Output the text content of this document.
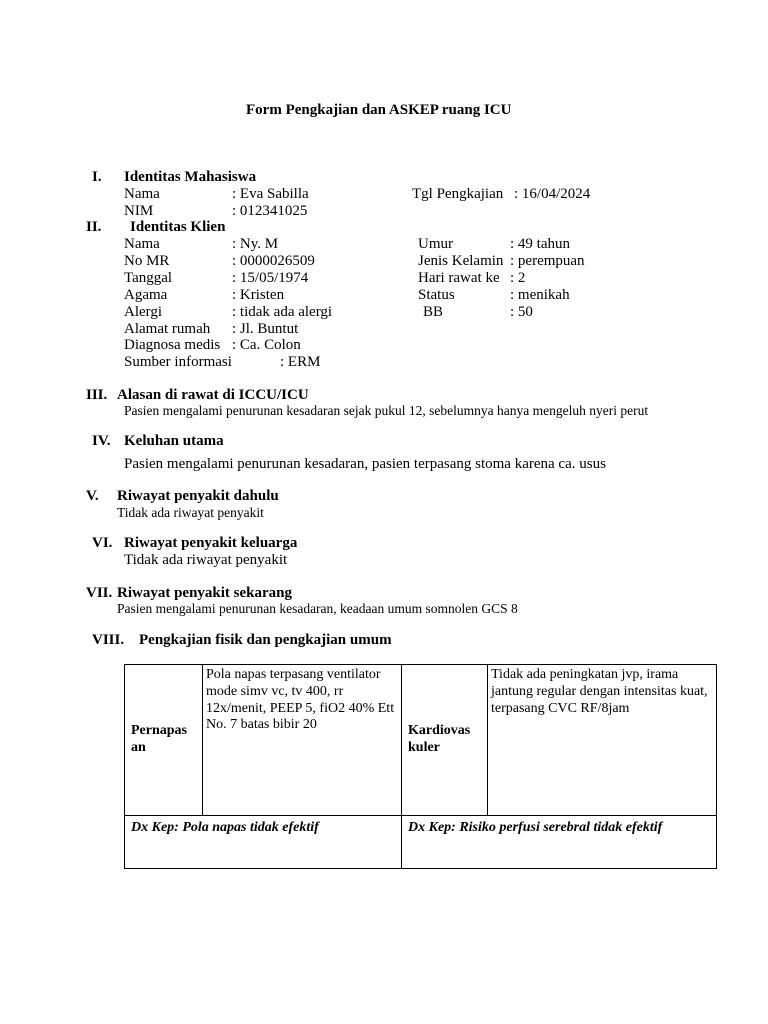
Form Pengkajian dan ASKEP ruang ICU
I. Identitas Mahasiswa
Nama	: Eva Sabilla	Tgl Pengkajian : 16/04/2024
NIM	: 012341025
II. Identitas Klien
Nama	: Ny. M	Umur	: 49 tahun
No MR	: 0000026509	Jenis Kelamin : perempuan
Tanggal	: 15/05/1974	Hari rawat ke : 2
Agama	: Kristen	Status	: menikah
Alergi	: tidak ada alergi	BB	: 50
Alamat rumah : Jl. Buntut
Diagnosa medis : Ca. Colon
Sumber informasi	: ERM
III. Alasan di rawat di ICCU/ICU
Pasien mengalami penurunan kesadaran sejak pukul 12, sebelumnya hanya mengeluh nyeri perut
IV. Keluhan utama
Pasien mengalami penurunan kesadaran, pasien terpasang stoma karena ca. usus
V. Riwayat penyakit dahulu
Tidak ada riwayat penyakit
VI. Riwayat penyakit keluarga
Tidak ada riwayat penyakit
VII. Riwayat penyakit sekarang
Pasien mengalami penurunan kesadaran, keadaan umum somnolen GCS 8
VIII. Pengkajian fisik dan pengkajian umum
Pernapas an	Pola napas terpasang ventilator mode simv vc, tv 400, rr 12x/menit, PEEP 5, fiO2 40% Ett No. 7 batas bibir 20	Kardiovas kuler	Tidak ada peningkatan jvp, irama jantung regular dengan intensitas kuat, terpasang CVC RF/8jam
Dx Kep: Pola napas tidak efektif		Dx Kep: Risiko perfusi serebral tidak efektif	
